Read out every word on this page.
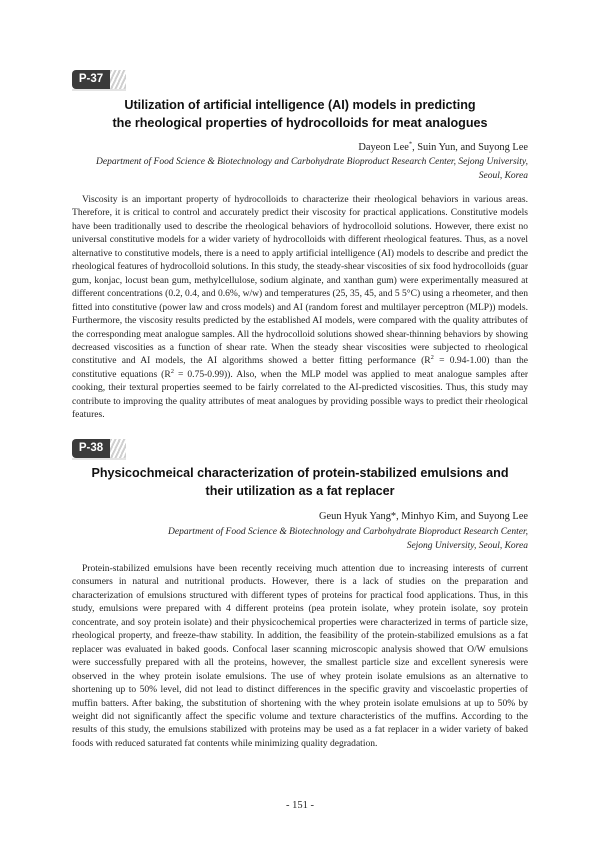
P-37
Utilization of artificial intelligence (AI) models in predicting
the rheological properties of hydrocolloids for meat analogues
Dayeon Lee*, Suin Yun, and Suyong Lee
Department of Food Science & Biotechnology and Carbohydrate Bioproduct Research Center, Sejong University,
Seoul, Korea

Viscosity is an important property of hydrocolloids to characterize their rheological behaviors in various areas. Therefore, it is critical to control and accurately predict their viscosity for practical applications. Constitutive models have been traditionally used to describe the rheological behaviors of hydrocolloid solutions. However, there exist no universal constitutive models for a wider variety of hydrocolloids with different rheological features. Thus, as a novel alternative to constitutive models, there is a need to apply artificial intelligence (AI) models to describe and predict the rheological features of hydrocolloid solutions. In this study, the steady-shear viscosities of six food hydrocolloids (guar gum, konjac, locust bean gum, methylcellulose, sodium alginate, and xanthan gum) were experimentally measured at different concentrations (0.2, 0.4, and 0.6%, w/w) and temperatures (25, 35, 45, and 5 5°C) using a rheometer, and then fitted into constitutive (power law and cross models) and AI (random forest and multilayer perceptron (MLP)) models. Furthermore, the viscosity results predicted by the established AI models, were compared with the quality attributes of the corresponding meat analogue samples. All the hydrocolloid solutions showed shear-thinning behaviors by showing decreased viscosities as a function of shear rate. When the steady shear viscosities were subjected to rheological constitutive and AI models, the AI algorithms showed a better fitting performance $(R^2 = 0.94-1.00)$ than the constitutive equations $(R^2 = 0.75-0.99)$). Also, when the MLP model was applied to meat analogue samples after cooking, their textural properties seemed to be fairly correlated to the AI-predicted viscosities. Thus, this study may contribute to improving the quality attributes of meat analogues by providing possible ways to predict their rheological features.

P-38
Physicochmeical characterization of protein-stabilized emulsions and
their utilization as a fat replacer
Geun Hyuk Yang*, Minhyo Kim, and Suyong Lee
Department of Food Science & Biotechnology and Carbohydrate Bioproduct Research Center,
Sejong University, Seoul, Korea

Protein-stabilized emulsions have been recently receiving much attention due to increasing interests of current consumers in natural and nutritional products. However, there is a lack of studies on the preparation and characterization of emulsions structured with different types of proteins for practical food applications. Thus, in this study, emulsions were prepared with 4 different proteins (pea protein isolate, whey protein isolate, soy protein concentrate, and soy protein isolate) and their physicochemical properties were characterized in terms of particle size, rheological property, and freeze-thaw stability. In addition, the feasibility of the protein-stabilized emulsions as a fat replacer was evaluated in baked goods. Confocal laser scanning microscopic analysis showed that O/W emulsions were successfully prepared with all the proteins, however, the smallest particle size and excellent syneresis were observed in the whey protein isolate emulsions. The use of whey protein isolate emulsions as an alternative to shortening up to 50% level, did not lead to distinct differences in the specific gravity and viscoelastic properties of muffin batters. After baking, the substitution of shortening with the whey protein isolate emulsions at up to 50% by weight did not significantly affect the specific volume and texture characteristics of the muffins. According to the results of this study, the emulsions stabilized with proteins may be used as a fat replacer in a wider variety of baked foods with reduced saturated fat contents while minimizing quality degradation.

- 151 -
